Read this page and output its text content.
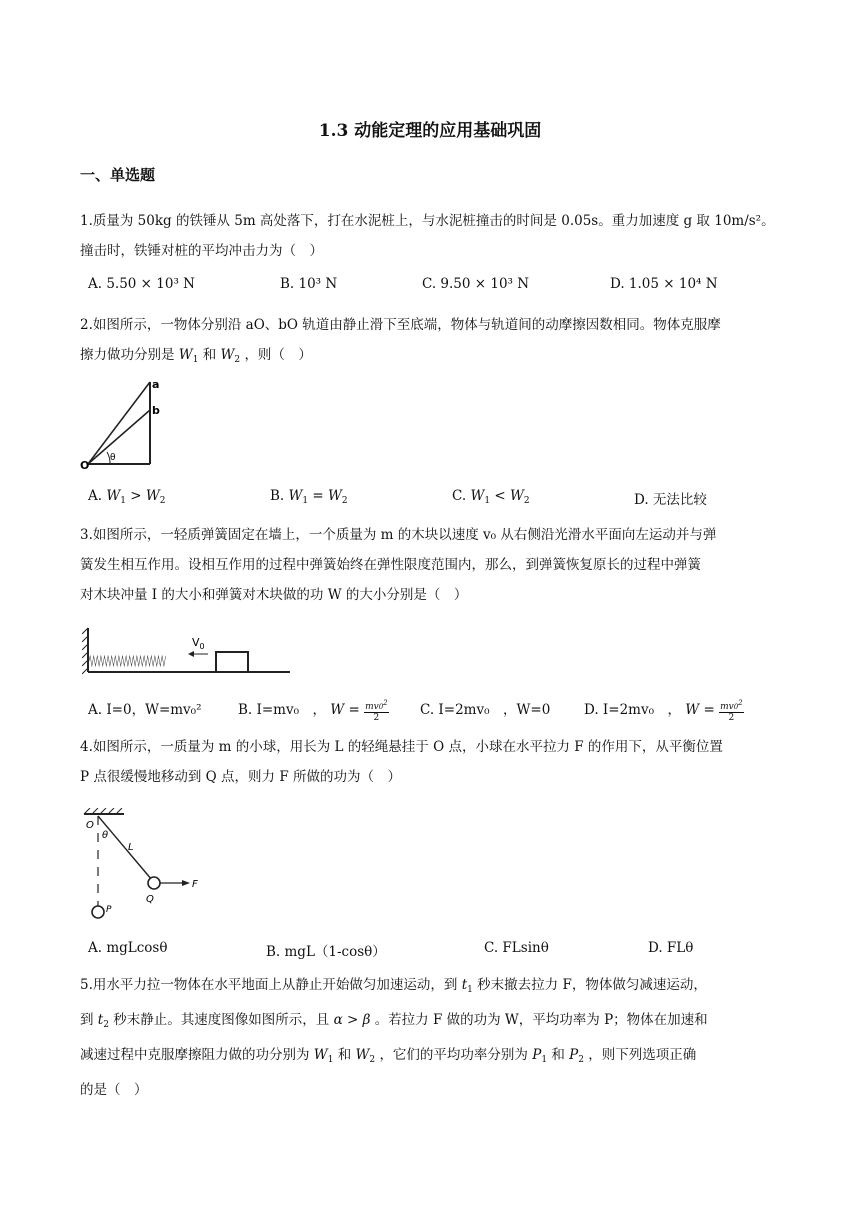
1.3 动能定理的应用基础巩固
一、单选题
1.质量为 50kg 的铁锤从 5m 高处落下，打在水泥桩上，与水泥桩撞击的时间是 0.05s。重力加速度 g 取 10m/s²。
撞击时，铁锤对桩的平均冲击力为（　）
A. 5.50 × 10³ N	B. 10³ N	C. 9.50 × 10³ N	D. 1.05 × 10⁴ N
2.如图所示，一物体分别沿 aO、bO 轨道由静止滑下至底端，物体与轨道间的动摩擦因数相同。物体克服摩
擦力做功分别是 $W_1$ 和 $W_2$ ，则（　）
a
b
O
θ
A. $W_1 > W_2$	B. $W_1 = W_2$	C. $W_1 < W_2$	D. 无法比较
3.如图所示，一轻质弹簧固定在墙上，一个质量为 m 的木块以速度 v₀ 从右侧沿光滑水平面向左运动并与弹
簧发生相互作用。设相互作用的过程中弹簧始终在弹性限度范围内，那么，到弹簧恢复原长的过程中弹簧
对木块冲量 I 的大小和弹簧对木块做的功 W 的大小分别是（　）
$V_0$
A. I=0，W=mv₀²	B. I=mv₀　， $W = \frac{mv0^2}{2} C$. I=2mv₀　，W=0 D. I=2mv₀　， $W = \frac{mv0^2}{2}$
4.如图所示，一质量为 m 的小球，用长为 L 的轻绳悬挂于 O 点，小球在水平拉力 F 的作用下，从平衡位置
P 点很缓慢地移动到 Q 点，则力 F 所做的功为（　）
O
θ
L
Q
P
F
A. mgLcosθ	B. mgL（1-cosθ）	C. FLsinθ	D. FLθ
5.用水平力拉一物体在水平地面上从静止开始做匀加速运动，到 $t_1$ 秒末撤去拉力 F，物体做匀减速运动，
到 $t_2$ 秒末静止。其速度图像如图所示，且 α > β 。若拉力 F 做的功为 W，平均功率为 P；物体在加速和
减速过程中克服摩擦阻力做的功分别为 $W_1$ 和 $W_2$ ，它们的平均功率分别为 $P_1$ 和 $P_2$ ，则下列选项正确
的是（　）
